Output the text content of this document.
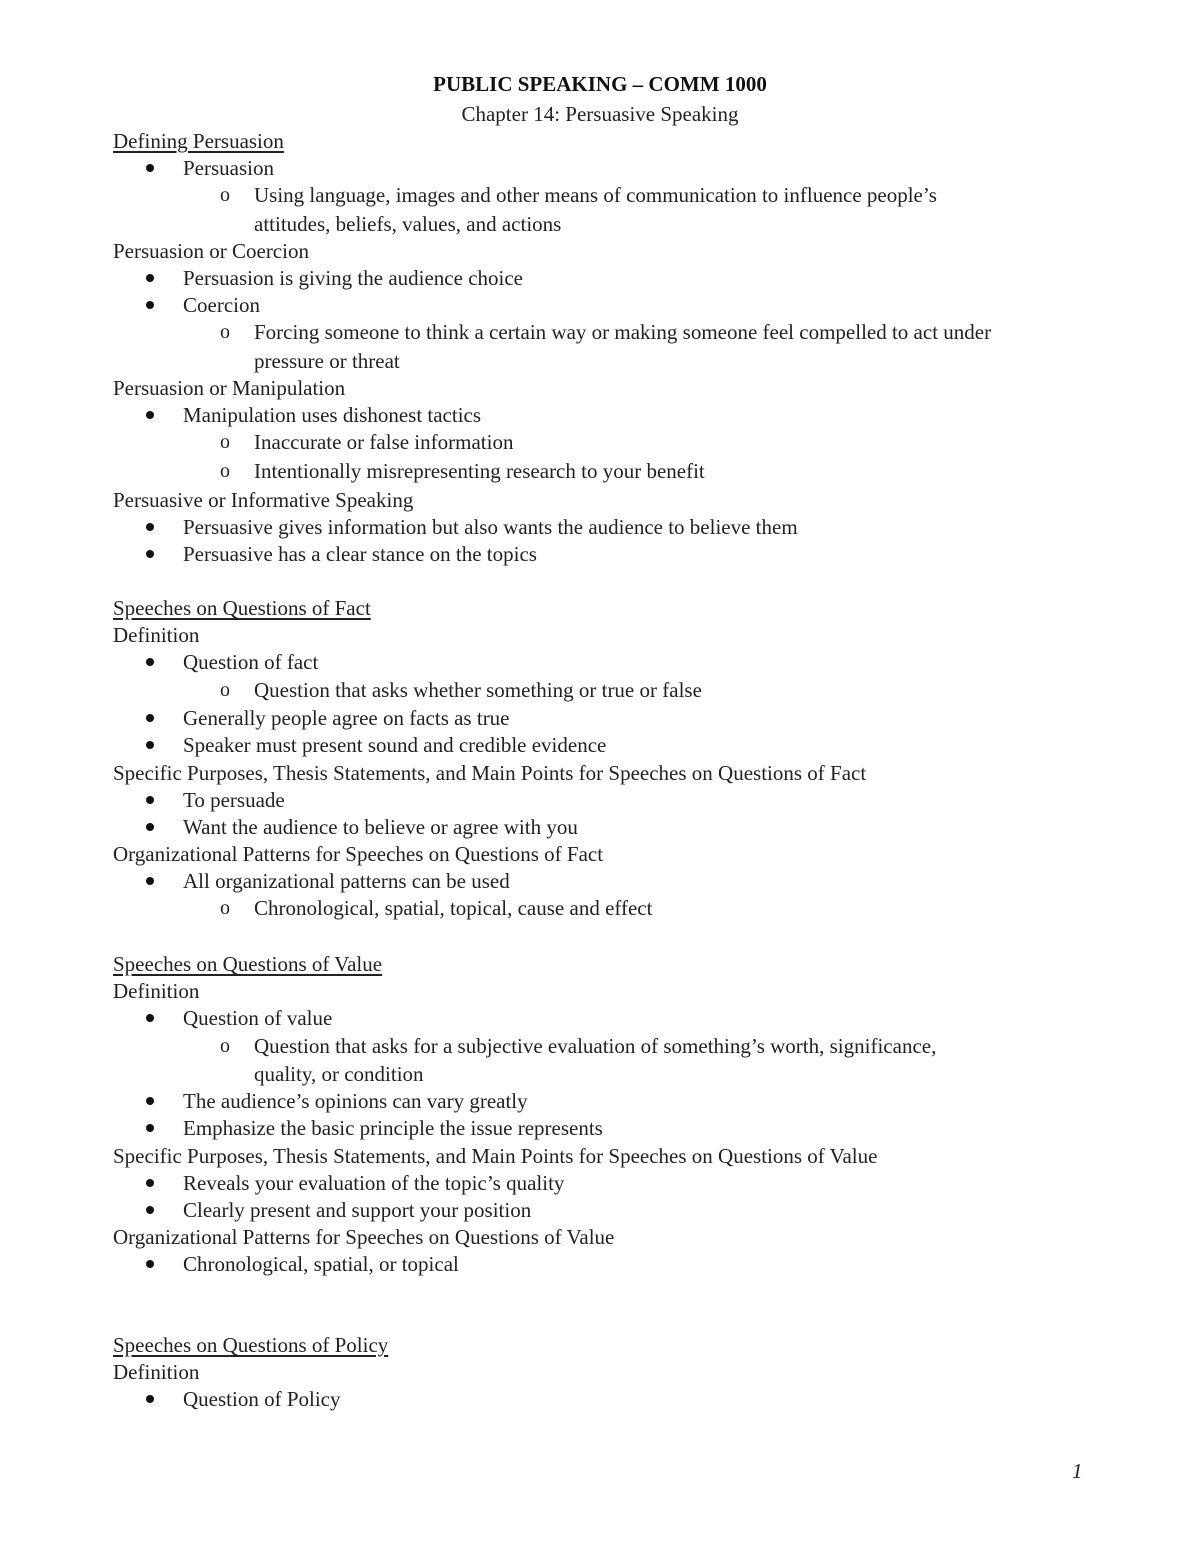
PUBLIC SPEAKING – COMM 1000
Chapter 14: Persuasive Speaking
Defining Persuasion
Persuasion
Using language, images and other means of communication to influence people’s
o
attitudes, beliefs, values, and actions
Persuasion or Coercion
Persuasion is giving the audience choice
Coercion
Forcing someone to think a certain way or making someone feel compelled to act under
o
pressure or threat
Persuasion or Manipulation
Manipulation uses dishonest tactics
Inaccurate or false information
o
Intentionally misrepresenting research to your benefit
o
Persuasive or Informative Speaking
Persuasive gives information but also wants the audience to believe them
Persuasive has a clear stance on the topics
Speeches on Questions of Fact
Definition
Question of fact
Question that asks whether something or true or false
o
Generally people agree on facts as true
Speaker must present sound and credible evidence
Specific Purposes, Thesis Statements, and Main Points for Speeches on Questions of Fact
To persuade
Want the audience to believe or agree with you
Organizational Patterns for Speeches on Questions of Fact
All organizational patterns can be used
Chronological, spatial, topical, cause and effect
o
Speeches on Questions of Value
Definition
Question of value
Question that asks for a subjective evaluation of something’s worth, significance,
o
quality, or condition
The audience’s opinions can vary greatly
Emphasize the basic principle the issue represents
Specific Purposes, Thesis Statements, and Main Points for Speeches on Questions of Value
Reveals your evaluation of the topic’s quality
Clearly present and support your position
Organizational Patterns for Speeches on Questions of Value
Chronological, spatial, or topical
Speeches on Questions of Policy
Definition
Question of Policy
1
